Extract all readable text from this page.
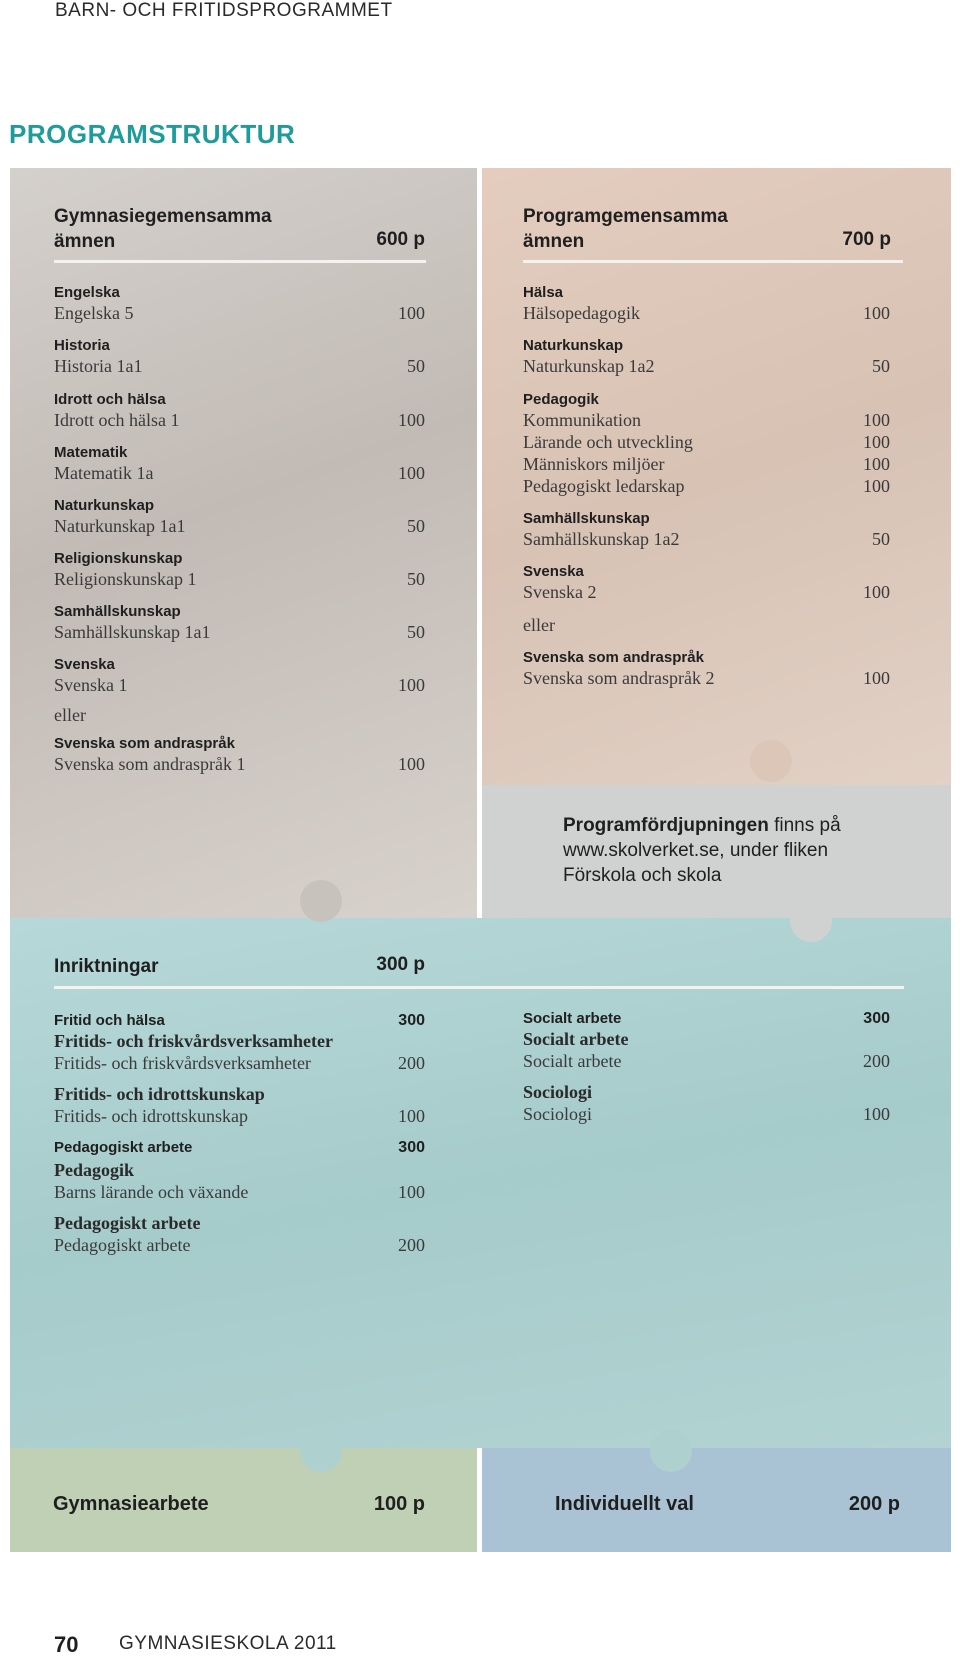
BARN- OCH FRITIDSPROGRAMMET
PROGRAMSTRUKTUR
Gymnasiegemensamma
ämnen	600 p
Engelska
Engelska 5	100
Historia
Historia 1a1	50
Idrott och hälsa
Idrott och hälsa 1	100
Matematik
Matematik 1a	100
Naturkunskap
Naturkunskap 1a1	50
Religionskunskap
Religionskunskap 1	50
Samhällskunskap
Samhällskunskap 1a1	50
Svenska
Svenska 1	100
eller
Svenska som andraspråk
Svenska som andraspråk 1	100
Programgemensamma
ämnen	700 p
Hälsa
Hälsopedagogik	100
Naturkunskap
Naturkunskap 1a2	50
Pedagogik
Kommunikation	100
Lärande och utveckling	100
Människors miljöer	100
Pedagogiskt ledarskap	100
Samhällskunskap
Samhällskunskap 1a2	50
Svenska
Svenska 2	100
eller
Svenska som andraspråk
Svenska som andraspråk 2	100
Programfördjupningen finns på
www.skolverket.se, under fliken
Förskola och skola
Inriktningar	300 p
Fritid och hälsa	300
Fritids- och friskvårdsverksamheter
Fritids- och friskvårdsverksamheter	200
Fritids- och idrottskunskap
Fritids- och idrottskunskap	100
Pedagogiskt arbete	300
Pedagogik
Barns lärande och växande	100
Pedagogiskt arbete
Pedagogiskt arbete	200
Socialt arbete	300
Socialt arbete
Socialt arbete	200
Sociologi
Sociologi	100
Gymnasiearbete	100 p	Individuellt val	200 p
70 GYMNASIESKOLA 2011
